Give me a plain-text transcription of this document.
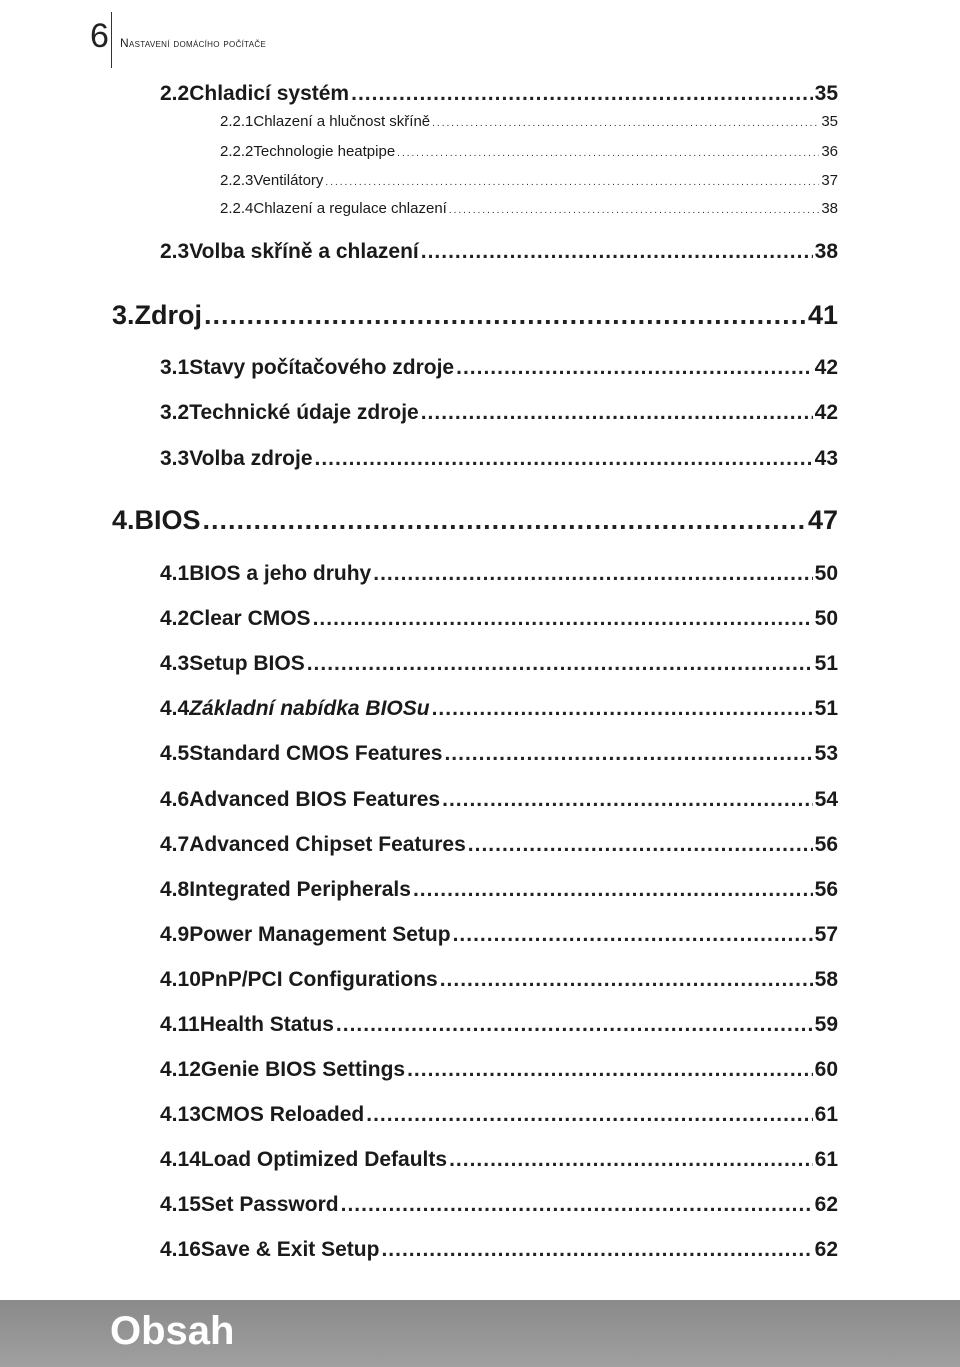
6 Nastavení domácího počítače
2.2 Chladicí systém .....	35
2.2.1 Chlazení a hlučnost skříně .....	35
2.2.2 Technologie heatpipe .....	36
2.2.3 Ventilátory .....	37
2.2.4 Chlazení a regulace chlazení .....	38
2.3 Volba skříně a chlazení .....	38
3. Zdroj .....	41
3.1 Stavy počítačového zdroje .....	42
3.2 Technické údaje zdroje .....	42
3.3 Volba zdroje .....	43
4. BIOS .....	47
4.1 BIOS a jeho druhy .....	50
4.2 Clear CMOS .....	50
4.3 Setup BIOS .....	51
4.4 Základní nabídka BIOSu .....	51
4.5 Standard CMOS Features .....	53
4.6 Advanced BIOS Features .....	54
4.7 Advanced Chipset Features .....	56
4.8 Integrated Peripherals .....	56
4.9 Power Management Setup .....	57
4.10 PnP/PCI Configurations .....	58
4.11 Health Status .....	59
4.12 Genie BIOS Settings .....	60
4.13 CMOS Reloaded .....	61
4.14 Load Optimized Defaults .....	61
4.15 Set Password .....	62
4.16 Save & Exit Setup .....	62
Obsah
